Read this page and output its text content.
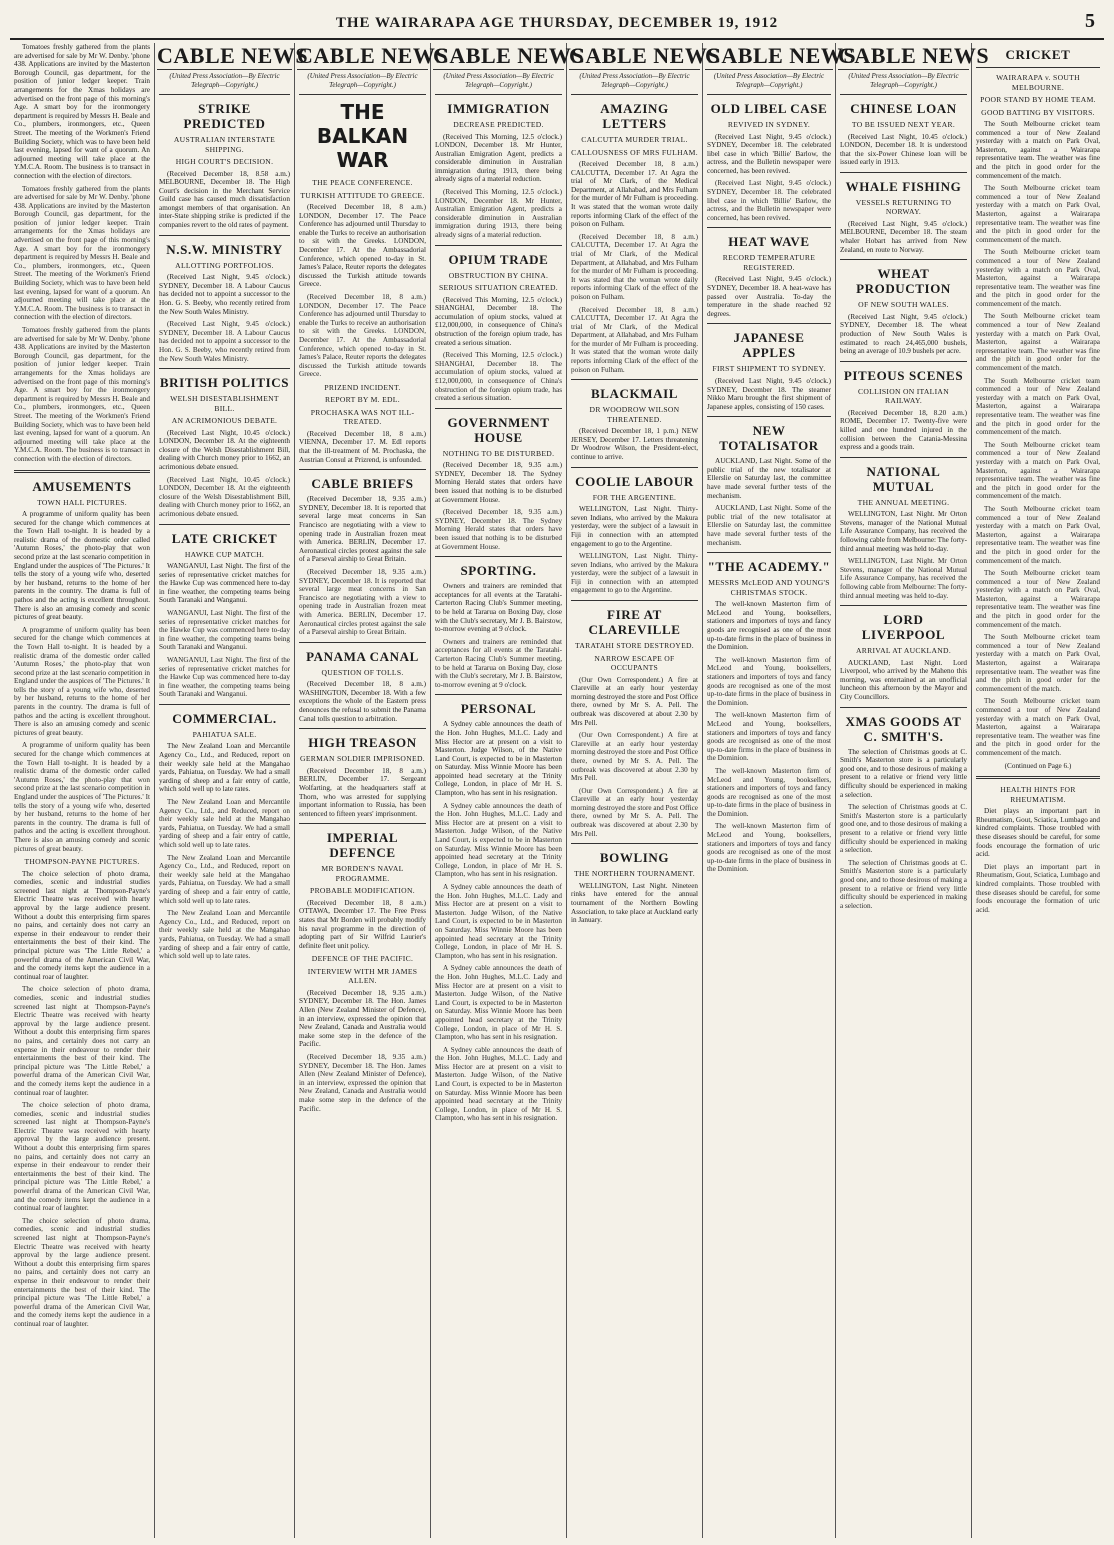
THE WAIRARAPA AGE THURSDAY, DECEMBER 19, 1912	5

Tomatoes freshly gathered from the plants are advertised for sale by Mr W. Denby. 'phone 438. Applications are invited by the Masterton Borough Council, gas department, for the position of junior ledger keeper. Train arrangements for the Xmas holidays are advertised on the front page of this morning's Age. A smart boy for the ironmongery department is required by Messrs H. Beale and Co., plumbers, ironmongers, etc., Queen Street. The meeting of the Workmen's Friend Building Society, which was to have been held last evening, lapsed for want of a quorum. An adjourned meeting will take place at the Y.M.C.A. Room. The business is to transact in connection with the election of directors.

Tomatoes freshly gathered from the plants are advertised for sale by Mr W. Denby. 'phone 438. Applications are invited by the Masterton Borough Council, gas department, for the position of junior ledger keeper. Train arrangements for the Xmas holidays are advertised on the front page of this morning's Age. A smart boy for the ironmongery department is required by Messrs H. Beale and Co., plumbers, ironmongers, etc., Queen Street. The meeting of the Workmen's Friend Building Society, which was to have been held last evening, lapsed for want of a quorum. An adjourned meeting will take place at the Y.M.C.A. Room. The business is to transact in connection with the election of directors.

Tomatoes freshly gathered from the plants are advertised for sale by Mr W. Denby. 'phone 438. Applications are invited by the Masterton Borough Council, gas department, for the position of junior ledger keeper. Train arrangements for the Xmas holidays are advertised on the front page of this morning's Age. A smart boy for the ironmongery department is required by Messrs H. Beale and Co., plumbers, ironmongers, etc., Queen Street. The meeting of the Workmen's Friend Building Society, which was to have been held last evening, lapsed for want of a quorum. An adjourned meeting will take place at the Y.M.C.A. Room. The business is to transact in connection with the election of directors.

AMUSEMENTS
TOWN HALL PICTURES.

A programme of uniform quality has been secured for the change which commences at the Town Hall to-night. It is headed by a realistic drama of the domestic order called 'Autumn Roses,' the photo-play that won second prize at the last scenario competition in England under the auspices of 'The Pictures.' It tells the story of a young wife who, deserted by her husband, returns to the home of her parents in the country. The drama is full of pathos and the acting is excellent throughout. There is also an amusing comedy and scenic pictures of great beauty.

A programme of uniform quality has been secured for the change which commences at the Town Hall to-night. It is headed by a realistic drama of the domestic order called 'Autumn Roses,' the photo-play that won second prize at the last scenario competition in England under the auspices of 'The Pictures.' It tells the story of a young wife who, deserted by her husband, returns to the home of her parents in the country. The drama is full of pathos and the acting is excellent throughout. There is also an amusing comedy and scenic pictures of great beauty.

A programme of uniform quality has been secured for the change which commences at the Town Hall to-night. It is headed by a realistic drama of the domestic order called 'Autumn Roses,' the photo-play that won second prize at the last scenario competition in England under the auspices of 'The Pictures.' It tells the story of a young wife who, deserted by her husband, returns to the home of her parents in the country. The drama is full of pathos and the acting is excellent throughout. There is also an amusing comedy and scenic pictures of great beauty.

THOMPSON-PAYNE PICTURES.

The choice selection of photo drama, comedies, scenic and industrial studies screened last night at Thompson-Payne's Electric Theatre was received with hearty approval by the large audience present. Without a doubt this enterprising firm spares no pains, and certainly does not carry an expense in their endeavour to render their entertainments the best of their kind. The principal picture was 'The Little Rebel,' a powerful drama of the American Civil War, and the comedy items kept the audience in a continual roar of laughter.

The choice selection of photo drama, comedies, scenic and industrial studies screened last night at Thompson-Payne's Electric Theatre was received with hearty approval by the large audience present. Without a doubt this enterprising firm spares no pains, and certainly does not carry an expense in their endeavour to render their entertainments the best of their kind. The principal picture was 'The Little Rebel,' a powerful drama of the American Civil War, and the comedy items kept the audience in a continual roar of laughter.

The choice selection of photo drama, comedies, scenic and industrial studies screened last night at Thompson-Payne's Electric Theatre was received with hearty approval by the large audience present. Without a doubt this enterprising firm spares no pains, and certainly does not carry an expense in their endeavour to render their entertainments the best of their kind. The principal picture was 'The Little Rebel,' a powerful drama of the American Civil War, and the comedy items kept the audience in a continual roar of laughter.

The choice selection of photo drama, comedies, scenic and industrial studies screened last night at Thompson-Payne's Electric Theatre was received with hearty approval by the large audience present. Without a doubt this enterprising firm spares no pains, and certainly does not carry an expense in their endeavour to render their entertainments the best of their kind. The principal picture was 'The Little Rebel,' a powerful drama of the American Civil War, and the comedy items kept the audience in a continual roar of laughter.

CABLE NEWS
(United Press Association—By Electric Telegraph—Copyright.)
STRIKE PREDICTED
AUSTRALIAN INTERSTATE SHIPPING.
HIGH COURT'S DECISION.

(Received December 18, 8.58 a.m.) MELBOURNE, December 18. The High Court's decision in the Merchant Service Guild case has caused much dissatisfaction amongst members of that organisation. An inter-State shipping strike is predicted if the companies revert to the old rates of payment.

N.S.W. MINISTRY
ALLOTTING PORTFOLIOS.

(Received Last Night, 9.45 o'clock.) SYDNEY, December 18. A Labour Caucus has decided not to appoint a successor to the Hon. G. S. Beeby, who recently retired from the New South Wales Ministry.

(Received Last Night, 9.45 o'clock.) SYDNEY, December 18. A Labour Caucus has decided not to appoint a successor to the Hon. G. S. Beeby, who recently retired from the New South Wales Ministry.

BRITISH POLITICS
WELSH DISESTABLISHMENT BILL.
AN ACRIMONIOUS DEBATE.

(Received Last Night, 10.45 o'clock.) LONDON, December 18. At the eighteenth closure of the Welsh Disestablishment Bill, dealing with Church money prior to 1662, an acrimonious debate ensued.

(Received Last Night, 10.45 o'clock.) LONDON, December 18. At the eighteenth closure of the Welsh Disestablishment Bill, dealing with Church money prior to 1662, an acrimonious debate ensued.

LATE CRICKET
HAWKE CUP MATCH.

WANGANUI, Last Night. The first of the series of representative cricket matches for the Hawke Cup was commenced here to-day in fine weather, the competing teams being South Taranaki and Wanganui.

WANGANUI, Last Night. The first of the series of representative cricket matches for the Hawke Cup was commenced here to-day in fine weather, the competing teams being South Taranaki and Wanganui.

WANGANUI, Last Night. The first of the series of representative cricket matches for the Hawke Cup was commenced here to-day in fine weather, the competing teams being South Taranaki and Wanganui.

COMMERCIAL.
PAHIATUA SALE.

The New Zealand Loan and Mercantile Agency Co., Ltd., and Reduced, report on their weekly sale held at the Mangahao yards, Pahiatua, on Tuesday. We had a small yarding of sheep and a fair entry of cattle, which sold well up to late rates.

The New Zealand Loan and Mercantile Agency Co., Ltd., and Reduced, report on their weekly sale held at the Mangahao yards, Pahiatua, on Tuesday. We had a small yarding of sheep and a fair entry of cattle, which sold well up to late rates.

The New Zealand Loan and Mercantile Agency Co., Ltd., and Reduced, report on their weekly sale held at the Mangahao yards, Pahiatua, on Tuesday. We had a small yarding of sheep and a fair entry of cattle, which sold well up to late rates.

The New Zealand Loan and Mercantile Agency Co., Ltd., and Reduced, report on their weekly sale held at the Mangahao yards, Pahiatua, on Tuesday. We had a small yarding of sheep and a fair entry of cattle, which sold well up to late rates.

CABLE NEWS
(United Press Association—By Electric Telegraph—Copyright.)
THE BALKAN WAR
THE PEACE CONFERENCE.
TURKISH ATTITUDE TO GREECE.

(Received December 18, 8 a.m.) LONDON, December 17. The Peace Conference has adjourned until Thursday to enable the Turks to receive an authorisation to sit with the Greeks. LONDON, December 17. At the Ambassadorial Conference, which opened to-day in St. James's Palace, Reuter reports the delegates discussed the Turkish attitude towards Greece.

(Received December 18, 8 a.m.) LONDON, December 17. The Peace Conference has adjourned until Thursday to enable the Turks to receive an authorisation to sit with the Greeks. LONDON, December 17. At the Ambassadorial Conference, which opened to-day in St. James's Palace, Reuter reports the delegates discussed the Turkish attitude towards Greece.

PRIZEND INCIDENT.
REPORT BY M. EDL.
PROCHASKA WAS NOT ILL-TREATED.

(Received December 18, 8 a.m.) VIENNA, December 17. M. Edl reports that the ill-treatment of M. Prochaska, the Austrian Consul at Prizrend, is unfounded.

CABLE BRIEFS

(Received December 18, 9.35 a.m.) SYDNEY, December 18. It is reported that several large meat concerns in San Francisco are negotiating with a view to opening trade in Australian frozen meat with America. BERLIN, December 17. Aeronautical circles protest against the sale of a Parseval airship to Great Britain.

(Received December 18, 9.35 a.m.) SYDNEY, December 18. It is reported that several large meat concerns in San Francisco are negotiating with a view to opening trade in Australian frozen meat with America. BERLIN, December 17. Aeronautical circles protest against the sale of a Parseval airship to Great Britain.

PANAMA CANAL
QUESTION OF TOLLS.

(Received December 18, 8 a.m.) WASHINGTON, December 18. With a few exceptions the whole of the Eastern press denounces the refusal to submit the Panama Canal tolls question to arbitration.

HIGH TREASON
GERMAN SOLDIER IMPRISONED.

(Received December 18, 8 a.m.) BERLIN, December 17. Sergeant Wolfarting, at the headquarters staff at Thorn, who was arrested for supplying important information to Russia, has been sentenced to fifteen years' imprisonment.

IMPERIAL DEFENCE
MR BORDEN'S NAVAL PROGRAMME.
PROBABLE MODIFICATION.

(Received December 18, 8 a.m.) OTTAWA, December 17. The Free Press states that Mr Borden will probably modify his naval programme in the direction of adopting part of Sir Wilfrid Laurier's definite fleet unit policy.

DEFENCE OF THE PACIFIC.
INTERVIEW WITH MR JAMES ALLEN.

(Received December 18, 9.35 a.m.) SYDNEY, December 18. The Hon. James Allen (New Zealand Minister of Defence), in an interview, expressed the opinion that New Zealand, Canada and Australia would make some step in the defence of the Pacific.

(Received December 18, 9.35 a.m.) SYDNEY, December 18. The Hon. James Allen (New Zealand Minister of Defence), in an interview, expressed the opinion that New Zealand, Canada and Australia would make some step in the defence of the Pacific.

CABLE NEWS
(United Press Association—By Electric Telegraph—Copyright.)
IMMIGRATION
DECREASE PREDICTED.

(Received This Morning, 12.5 o'clock.) LONDON, December 18. Mr Hunter, Australian Emigration Agent, predicts a considerable diminution in Australian immigration during 1913, there being already signs of a material reduction.

(Received This Morning, 12.5 o'clock.) LONDON, December 18. Mr Hunter, Australian Emigration Agent, predicts a considerable diminution in Australian immigration during 1913, there being already signs of a material reduction.

OPIUM TRADE
OBSTRUCTION BY CHINA.
SERIOUS SITUATION CREATED.

(Received This Morning, 12.5 o'clock.) SHANGHAI, December 18. The accumulation of opium stocks, valued at £12,000,000, in consequence of China's obstruction of the foreign opium trade, has created a serious situation.

(Received This Morning, 12.5 o'clock.) SHANGHAI, December 18. The accumulation of opium stocks, valued at £12,000,000, in consequence of China's obstruction of the foreign opium trade, has created a serious situation.

GOVERNMENT HOUSE
NOTHING TO BE DISTURBED.

(Received December 18, 9.35 a.m.) SYDNEY, December 18. The Sydney Morning Herald states that orders have been issued that nothing is to be disturbed at Government House.

(Received December 18, 9.35 a.m.) SYDNEY, December 18. The Sydney Morning Herald states that orders have been issued that nothing is to be disturbed at Government House.

SPORTING.

Owners and trainers are reminded that acceptances for all events at the Taratahi-Carterton Racing Club's Summer meeting, to be held at Tararua on Boxing Day, close with the Club's secretary, Mr J. B. Bairstow, to-morrow evening at 9 o'clock.

Owners and trainers are reminded that acceptances for all events at the Taratahi-Carterton Racing Club's Summer meeting, to be held at Tararua on Boxing Day, close with the Club's secretary, Mr J. B. Bairstow, to-morrow evening at 9 o'clock.

PERSONAL

A Sydney cable announces the death of the Hon. John Hughes, M.L.C. Lady and Miss Hector are at present on a visit to Masterton. Judge Wilson, of the Native Land Court, is expected to be in Masterton on Saturday. Miss Winnie Moore has been appointed head secretary at the Trinity College, London, in place of Mr H. S. Clampton, who has sent in his resignation.

A Sydney cable announces the death of the Hon. John Hughes, M.L.C. Lady and Miss Hector are at present on a visit to Masterton. Judge Wilson, of the Native Land Court, is expected to be in Masterton on Saturday. Miss Winnie Moore has been appointed head secretary at the Trinity College, London, in place of Mr H. S. Clampton, who has sent in his resignation.

A Sydney cable announces the death of the Hon. John Hughes, M.L.C. Lady and Miss Hector are at present on a visit to Masterton. Judge Wilson, of the Native Land Court, is expected to be in Masterton on Saturday. Miss Winnie Moore has been appointed head secretary at the Trinity College, London, in place of Mr H. S. Clampton, who has sent in his resignation.

A Sydney cable announces the death of the Hon. John Hughes, M.L.C. Lady and Miss Hector are at present on a visit to Masterton. Judge Wilson, of the Native Land Court, is expected to be in Masterton on Saturday. Miss Winnie Moore has been appointed head secretary at the Trinity College, London, in place of Mr H. S. Clampton, who has sent in his resignation.

A Sydney cable announces the death of the Hon. John Hughes, M.L.C. Lady and Miss Hector are at present on a visit to Masterton. Judge Wilson, of the Native Land Court, is expected to be in Masterton on Saturday. Miss Winnie Moore has been appointed head secretary at the Trinity College, London, in place of Mr H. S. Clampton, who has sent in his resignation.

CABLE NEWS
(United Press Association—By Electric Telegraph—Copyright.)
AMAZING LETTERS
CALCUTTA MURDER TRIAL.
CALLOUSNESS OF MRS FULHAM.

(Received December 18, 8 a.m.) CALCUTTA, December 17. At Agra the trial of Mr Clark, of the Medical Department, at Allahabad, and Mrs Fulham for the murder of Mr Fulham is proceeding. It was stated that the woman wrote daily reports informing Clark of the effect of the poison on Fulham.

(Received December 18, 8 a.m.) CALCUTTA, December 17. At Agra the trial of Mr Clark, of the Medical Department, at Allahabad, and Mrs Fulham for the murder of Mr Fulham is proceeding. It was stated that the woman wrote daily reports informing Clark of the effect of the poison on Fulham.

(Received December 18, 8 a.m.) CALCUTTA, December 17. At Agra the trial of Mr Clark, of the Medical Department, at Allahabad, and Mrs Fulham for the murder of Mr Fulham is proceeding. It was stated that the woman wrote daily reports informing Clark of the effect of the poison on Fulham.

BLACKMAIL
DR WOODROW WILSON THREATENED.

(Received December 18, 1 p.m.) NEW JERSEY, December 17. Letters threatening Dr Woodrow Wilson, the President-elect, continue to arrive.

COOLIE LABOUR
FOR THE ARGENTINE.

WELLINGTON, Last Night. Thirty-seven Indians, who arrived by the Makura yesterday, were the subject of a lawsuit in Fiji in connection with an attempted engagement to go to the Argentine.

WELLINGTON, Last Night. Thirty-seven Indians, who arrived by the Makura yesterday, were the subject of a lawsuit in Fiji in connection with an attempted engagement to go to the Argentine.

FIRE AT CLAREVILLE
TARATAHI STORE DESTROYED.
NARROW ESCAPE OF OCCUPANTS

(Our Own Correspondent.) A fire at Clareville at an early hour yesterday morning destroyed the store and Post Office there, owned by Mr S. A. Pell. The outbreak was discovered at about 2.30 by Mrs Pell.

(Our Own Correspondent.) A fire at Clareville at an early hour yesterday morning destroyed the store and Post Office there, owned by Mr S. A. Pell. The outbreak was discovered at about 2.30 by Mrs Pell.

(Our Own Correspondent.) A fire at Clareville at an early hour yesterday morning destroyed the store and Post Office there, owned by Mr S. A. Pell. The outbreak was discovered at about 2.30 by Mrs Pell.

BOWLING
THE NORTHERN TOURNAMENT.

WELLINGTON, Last Night. Nineteen rinks have entered for the annual tournament of the Northern Bowling Association, to take place at Auckland early in January.

CABLE NEWS
(United Press Association—By Electric Telegraph—Copyright.)
OLD LIBEL CASE
REVIVED IN SYDNEY.

(Received Last Night, 9.45 o'clock.) SYDNEY, December 18. The celebrated libel case in which 'Billie' Barlow, the actress, and the Bulletin newspaper were concerned, has been revived.

(Received Last Night, 9.45 o'clock.) SYDNEY, December 18. The celebrated libel case in which 'Billie' Barlow, the actress, and the Bulletin newspaper were concerned, has been revived.

HEAT WAVE
RECORD TEMPERATURE REGISTERED.

(Received Last Night, 9.45 o'clock.) SYDNEY, December 18. A heat-wave has passed over Australia. To-day the temperature in the shade reached 92 degrees.

JAPANESE APPLES
FIRST SHIPMENT TO SYDNEY.

(Received Last Night, 9.45 o'clock.) SYDNEY, December 18. The steamer Nikko Maru brought the first shipment of Japanese apples, consisting of 150 cases.

NEW TOTALISATOR

AUCKLAND, Last Night. Some of the public trial of the new totalisator at Ellerslie on Saturday last, the committee have made several further tests of the mechanism.

AUCKLAND, Last Night. Some of the public trial of the new totalisator at Ellerslie on Saturday last, the committee have made several further tests of the mechanism.

"THE ACADEMY."
MESSRS McLEOD AND YOUNG'S CHRISTMAS STOCK.

The well-known Masterton firm of McLeod and Young, booksellers, stationers and importers of toys and fancy goods are recognised as one of the most up-to-date firms in the place of business in the Dominion.

The well-known Masterton firm of McLeod and Young, booksellers, stationers and importers of toys and fancy goods are recognised as one of the most up-to-date firms in the place of business in the Dominion.

The well-known Masterton firm of McLeod and Young, booksellers, stationers and importers of toys and fancy goods are recognised as one of the most up-to-date firms in the place of business in the Dominion.

The well-known Masterton firm of McLeod and Young, booksellers, stationers and importers of toys and fancy goods are recognised as one of the most up-to-date firms in the place of business in the Dominion.

The well-known Masterton firm of McLeod and Young, booksellers, stationers and importers of toys and fancy goods are recognised as one of the most up-to-date firms in the place of business in the Dominion.

CABLE NEWS
(United Press Association—By Electric Telegraph—Copyright.)
CHINESE LOAN
TO BE ISSUED NEXT YEAR.

(Received Last Night, 10.45 o'clock.) LONDON, December 18. It is understood that the six-Power Chinese loan will be issued early in 1913.

WHALE FISHING
VESSELS RETURNING TO NORWAY.

(Received Last Night, 9.45 o'clock.) MELBOURNE, December 18. The steam whaler Hobart has arrived from New Zealand, en route to Norway.

WHEAT PRODUCTION
OF NEW SOUTH WALES.

(Received Last Night, 9.45 o'clock.) SYDNEY, December 18. The wheat production of New South Wales is estimated to reach 24,465,000 bushels, being an average of 10.9 bushels per acre.

PITEOUS SCENES
COLLISION ON ITALIAN RAILWAY.

(Received December 18, 8.20 a.m.) ROME, December 17. Twenty-five were killed and one hundred injured in the collision between the Catania-Messina express and a goods train.

NATIONAL MUTUAL
THE ANNUAL MEETING.

WELLINGTON, Last Night. Mr Orton Stevens, manager of the National Mutual Life Assurance Company, has received the following cable from Melbourne: The forty-third annual meeting was held to-day.

WELLINGTON, Last Night. Mr Orton Stevens, manager of the National Mutual Life Assurance Company, has received the following cable from Melbourne: The forty-third annual meeting was held to-day.

LORD LIVERPOOL
ARRIVAL AT AUCKLAND.

AUCKLAND, Last Night. Lord Liverpool, who arrived by the Maheno this morning, was entertained at an unofficial luncheon this afternoon by the Mayor and City Councillors.

XMAS GOODS AT C. SMITH'S.

The selection of Christmas goods at C. Smith's Masterton store is a particularly good one, and to those desirous of making a present to a relative or friend very little difficulty should be experienced in making a selection.

The selection of Christmas goods at C. Smith's Masterton store is a particularly good one, and to those desirous of making a present to a relative or friend very little difficulty should be experienced in making a selection.

The selection of Christmas goods at C. Smith's Masterton store is a particularly good one, and to those desirous of making a present to a relative or friend very little difficulty should be experienced in making a selection.

CRICKET
WAIRARAPA v. SOUTH MELBOURNE.
POOR STAND BY HOME TEAM.
GOOD BATTING BY VISITORS.

The South Melbourne cricket team commenced a tour of New Zealand yesterday with a match on Park Oval, Masterton, against a Wairarapa representative team. The weather was fine and the pitch in good order for the commencement of the match.

The South Melbourne cricket team commenced a tour of New Zealand yesterday with a match on Park Oval, Masterton, against a Wairarapa representative team. The weather was fine and the pitch in good order for the commencement of the match.

The South Melbourne cricket team commenced a tour of New Zealand yesterday with a match on Park Oval, Masterton, against a Wairarapa representative team. The weather was fine and the pitch in good order for the commencement of the match.

The South Melbourne cricket team commenced a tour of New Zealand yesterday with a match on Park Oval, Masterton, against a Wairarapa representative team. The weather was fine and the pitch in good order for the commencement of the match.

The South Melbourne cricket team commenced a tour of New Zealand yesterday with a match on Park Oval, Masterton, against a Wairarapa representative team. The weather was fine and the pitch in good order for the commencement of the match.

The South Melbourne cricket team commenced a tour of New Zealand yesterday with a match on Park Oval, Masterton, against a Wairarapa representative team. The weather was fine and the pitch in good order for the commencement of the match.

The South Melbourne cricket team commenced a tour of New Zealand yesterday with a match on Park Oval, Masterton, against a Wairarapa representative team. The weather was fine and the pitch in good order for the commencement of the match.

The South Melbourne cricket team commenced a tour of New Zealand yesterday with a match on Park Oval, Masterton, against a Wairarapa representative team. The weather was fine and the pitch in good order for the commencement of the match.

The South Melbourne cricket team commenced a tour of New Zealand yesterday with a match on Park Oval, Masterton, against a Wairarapa representative team. The weather was fine and the pitch in good order for the commencement of the match.

The South Melbourne cricket team commenced a tour of New Zealand yesterday with a match on Park Oval, Masterton, against a Wairarapa representative team. The weather was fine and the pitch in good order for the commencement of the match.

(Continued on Page 6.)

HEALTH HINTS FOR RHEUMATISM.

Diet plays an important part in Rheumatism, Gout, Sciatica, Lumbago and kindred complaints. Those troubled with these diseases should be careful, for some foods encourage the formation of uric acid.

Diet plays an important part in Rheumatism, Gout, Sciatica, Lumbago and kindred complaints. Those troubled with these diseases should be careful, for some foods encourage the formation of uric acid.
